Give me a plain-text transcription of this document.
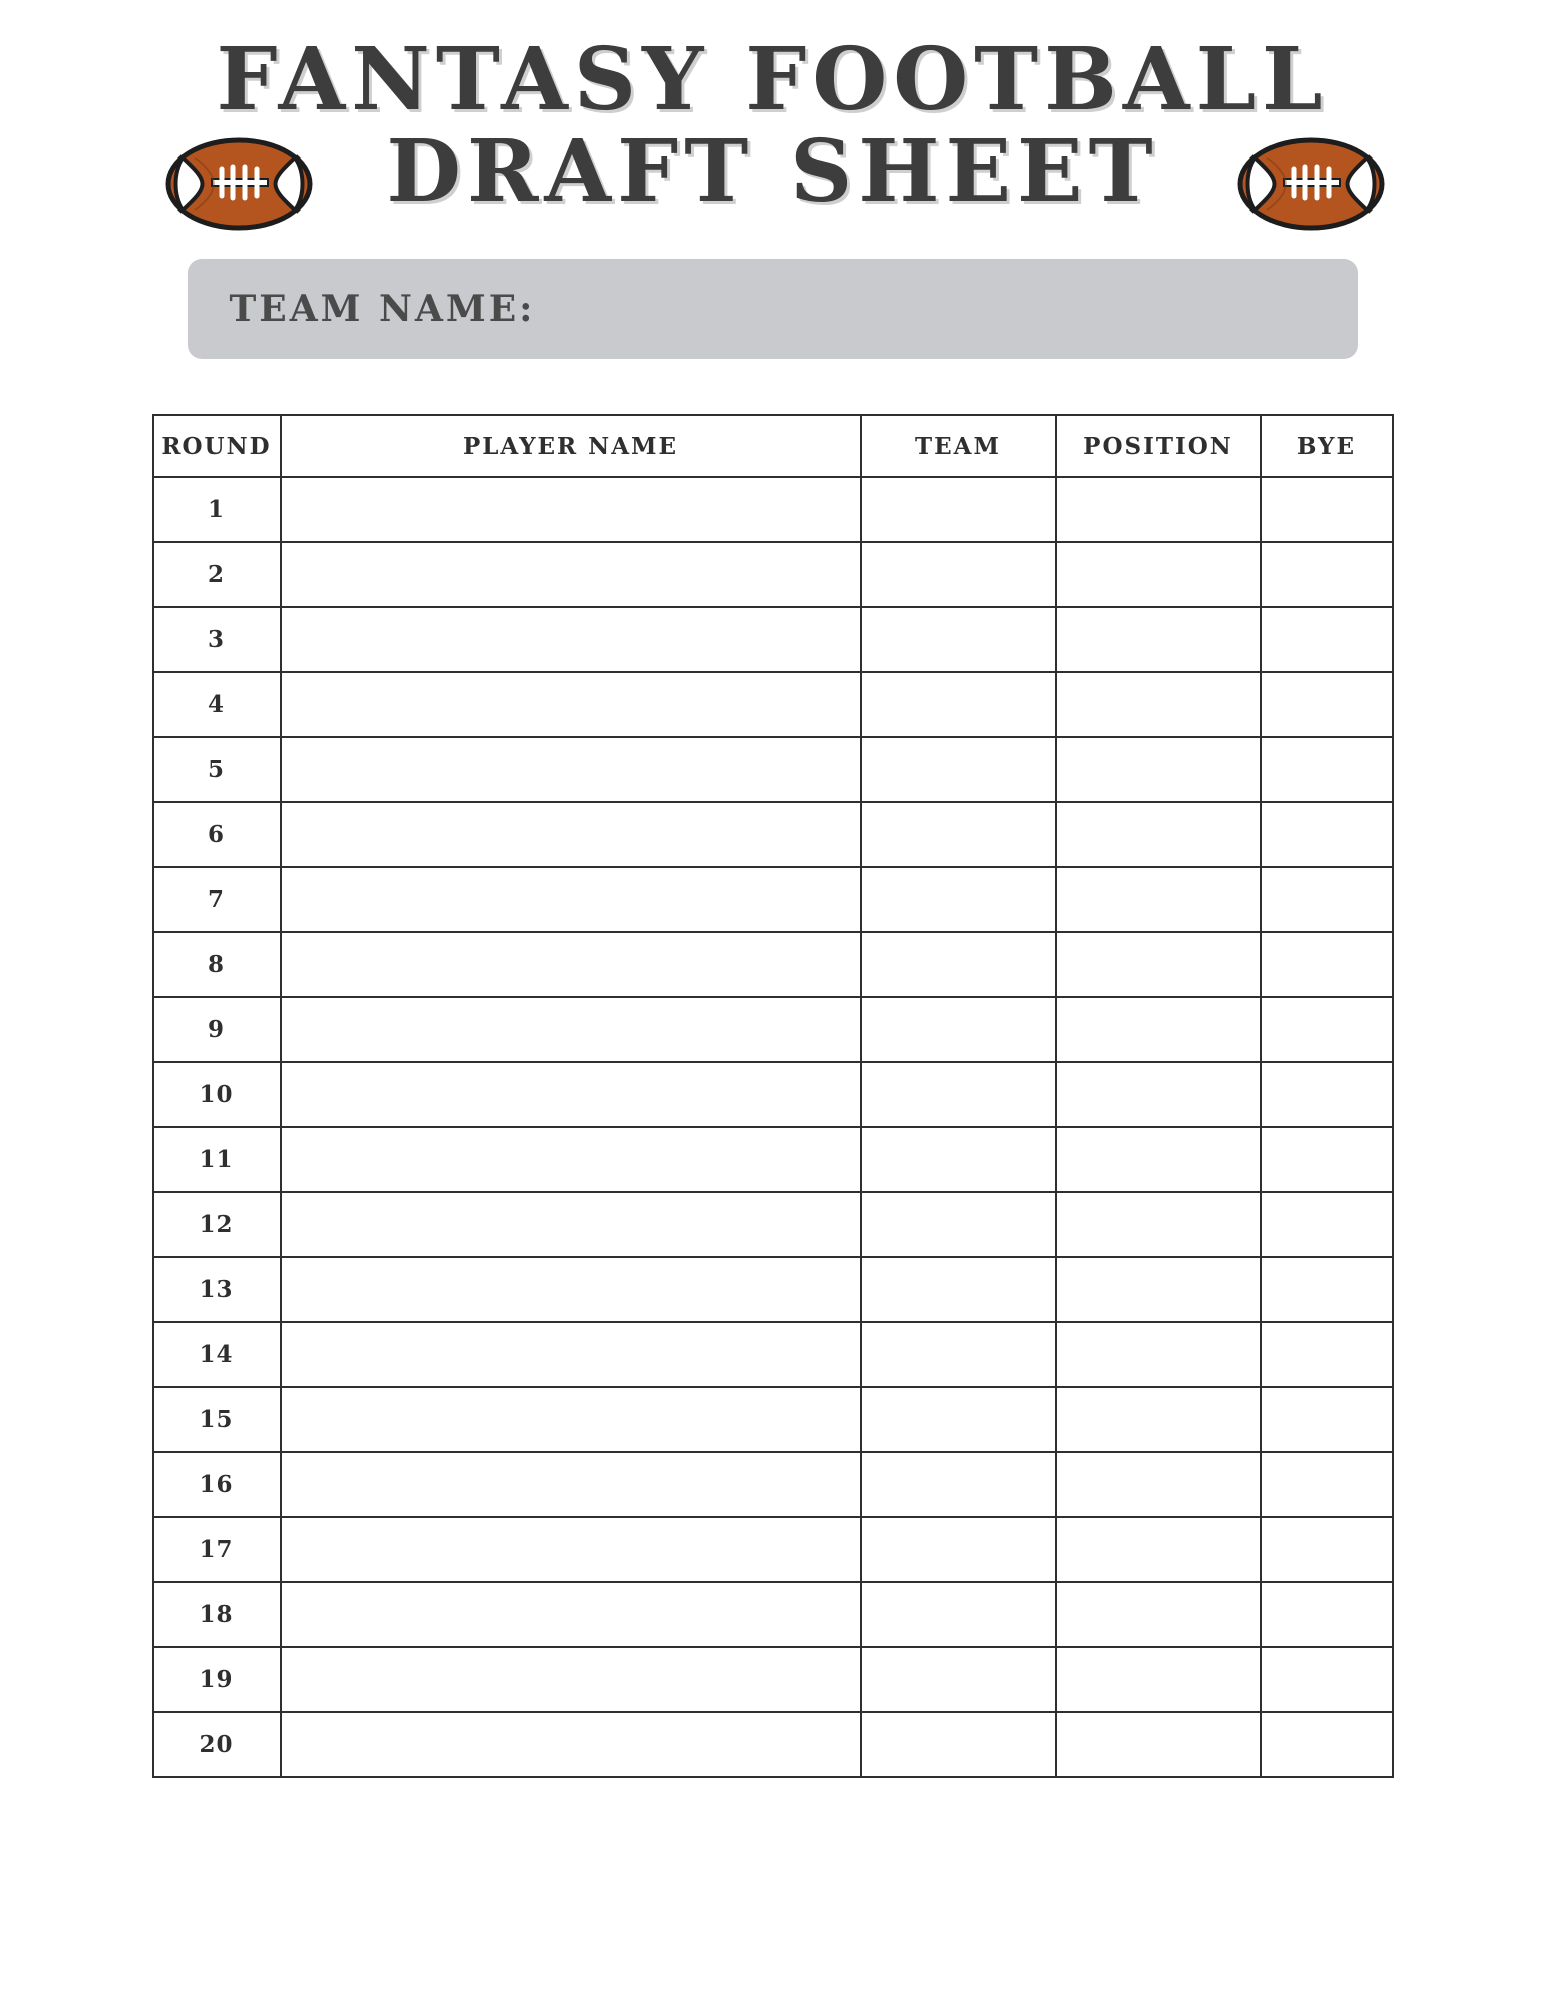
FANTASY FOOTBALL
DRAFT SHEET
TEAM NAME:
ROUND	PLAYER NAME	TEAM	POSITION	BYE
1				
2				
3				
4				
5				
6				
7				
8				
9				
10				
11				
12				
13				
14				
15				
16				
17				
18				
19				
20				
